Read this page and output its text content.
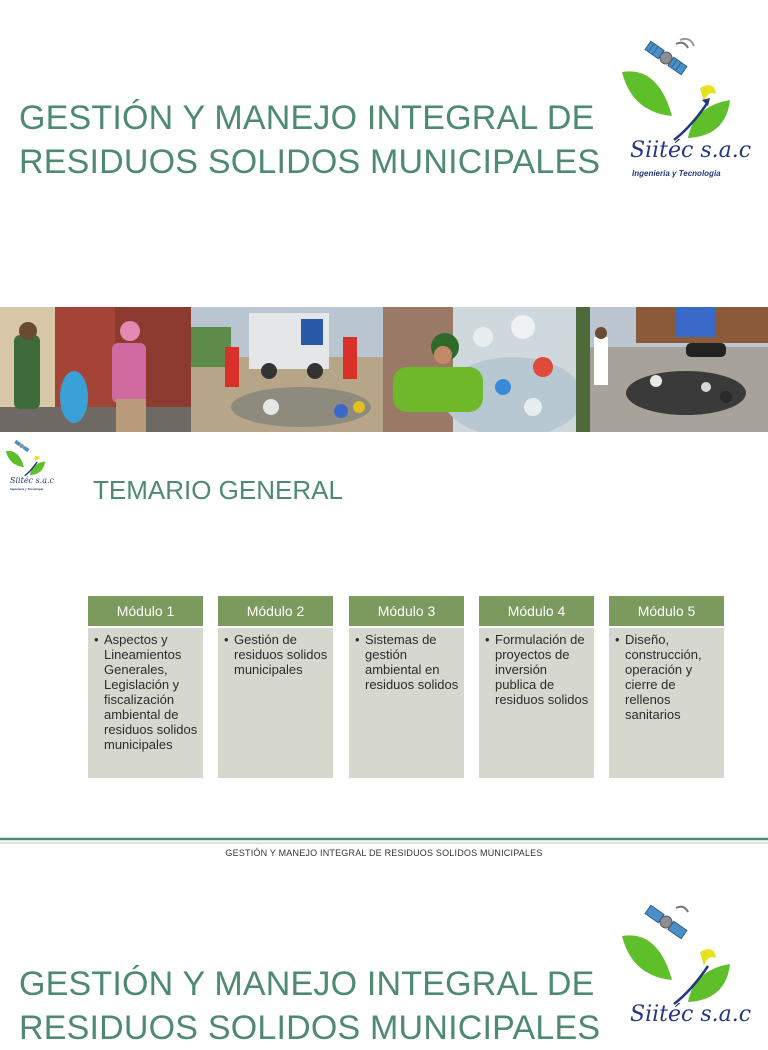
GESTIÓN Y MANEJO INTEGRAL DE
RESIDUOS SOLIDOS MUNICIPALES	Siitéc s.a.c
Ingenieria y Tecnologia
Siitéc s.a.c
Ingenieria y Tecnologia TEMARIO GENERAL
Módulo 1
• Aspectos y Lineamientos Generales, Legislación y fiscalización ambiental de residuos solidos municipales
Módulo 2
• Gestión de residuos solidos municipales
Módulo 3
• Sistemas de gestión ambiental en residuos solidos
Módulo 4
• Formulación de proyectos de inversión publica de residuos solidos
Módulo 5
• Diseño, construcción, operación y cierre de rellenos sanitarios
GESTIÓN Y MANEJO INTEGRAL DE RESIDUOS SOLIDOS MUNICIPALES
GESTIÓN Y MANEJO INTEGRAL DE
RESIDUOS SOLIDOS MUNICIPALES	Siitéc s.a.c
